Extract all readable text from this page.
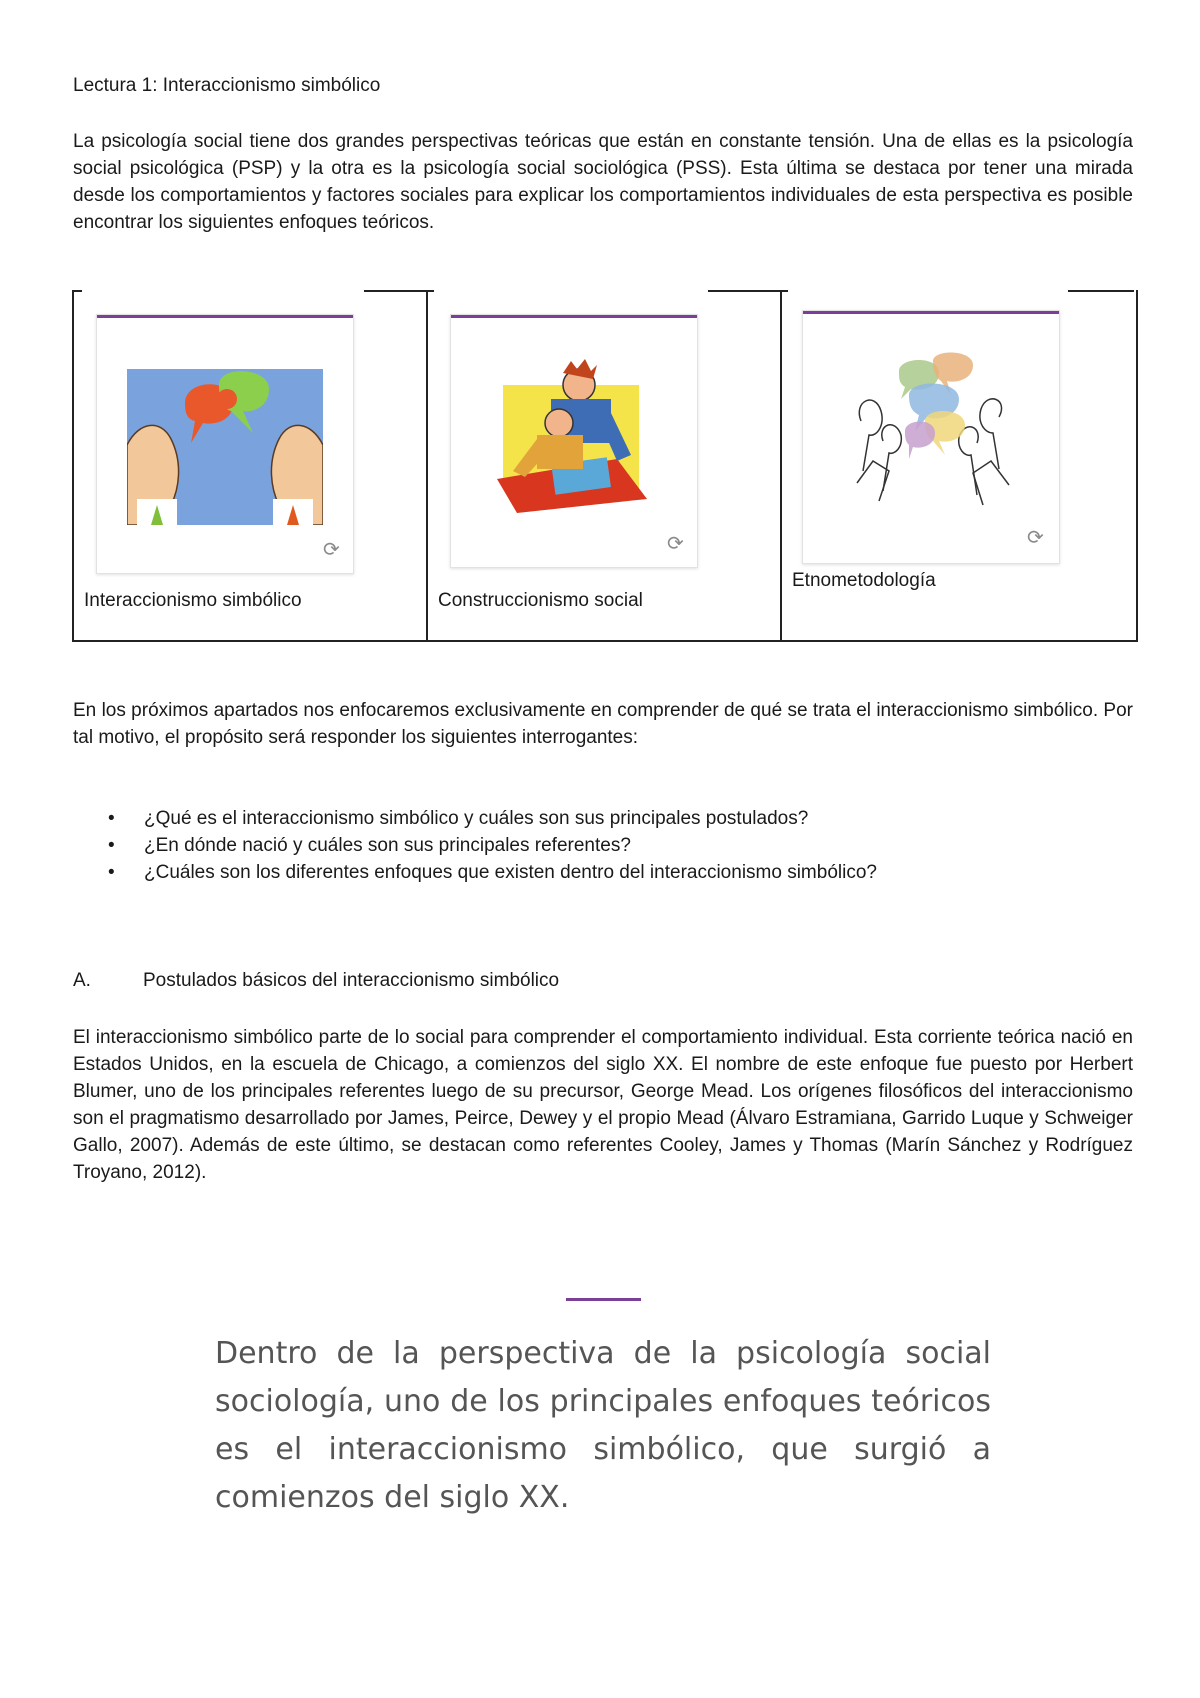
Lectura 1: Interaccionismo simbólico

La psicología social tiene dos grandes perspectivas teóricas que están en constante tensión. Una de ellas es la psicología social psicológica (PSP) y la otra es la psicología social sociológica (PSS). Esta última se destaca por tener una mirada desde los comportamientos y factores sociales para explicar los comportamientos individuales de esta perspectiva es posible encontrar los siguientes enfoques teóricos.

⟳
Interaccionismo simbólico
⟳
Construccionismo social
⟳
Etnometodología

En los próximos apartados nos enfocaremos exclusivamente en comprender de qué se trata el interaccionismo simbólico. Por tal motivo, el propósito será responder los siguientes interrogantes:

• ¿Qué es el interaccionismo simbólico y cuáles son sus principales postulados?
• ¿En dónde nació y cuáles son sus principales referentes?
• ¿Cuáles son los diferentes enfoques que existen dentro del interaccionismo simbólico?
A.	Postulados básicos del interaccionismo simbólico

El interaccionismo simbólico parte de lo social para comprender el comportamiento individual. Esta corriente teórica nació en Estados Unidos, en la escuela de Chicago, a comienzos del siglo XX. El nombre de este enfoque fue puesto por Herbert Blumer, uno de los principales referentes luego de su precursor, George Mead. Los orígenes filosóficos del interaccionismo son el pragmatismo desarrollado por James, Peirce, Dewey y el propio Mead (Álvaro Estramiana, Garrido Luque y Schweiger Gallo, 2007). Además de este último, se destacan como referentes Cooley, James y Thomas (Marín Sánchez y Rodríguez Troyano, 2012).

Dentro de la perspectiva de la psicología social sociología, uno de los principales enfoques teóricos es el interaccionismo simbólico, que surgió a comienzos del siglo XX.
